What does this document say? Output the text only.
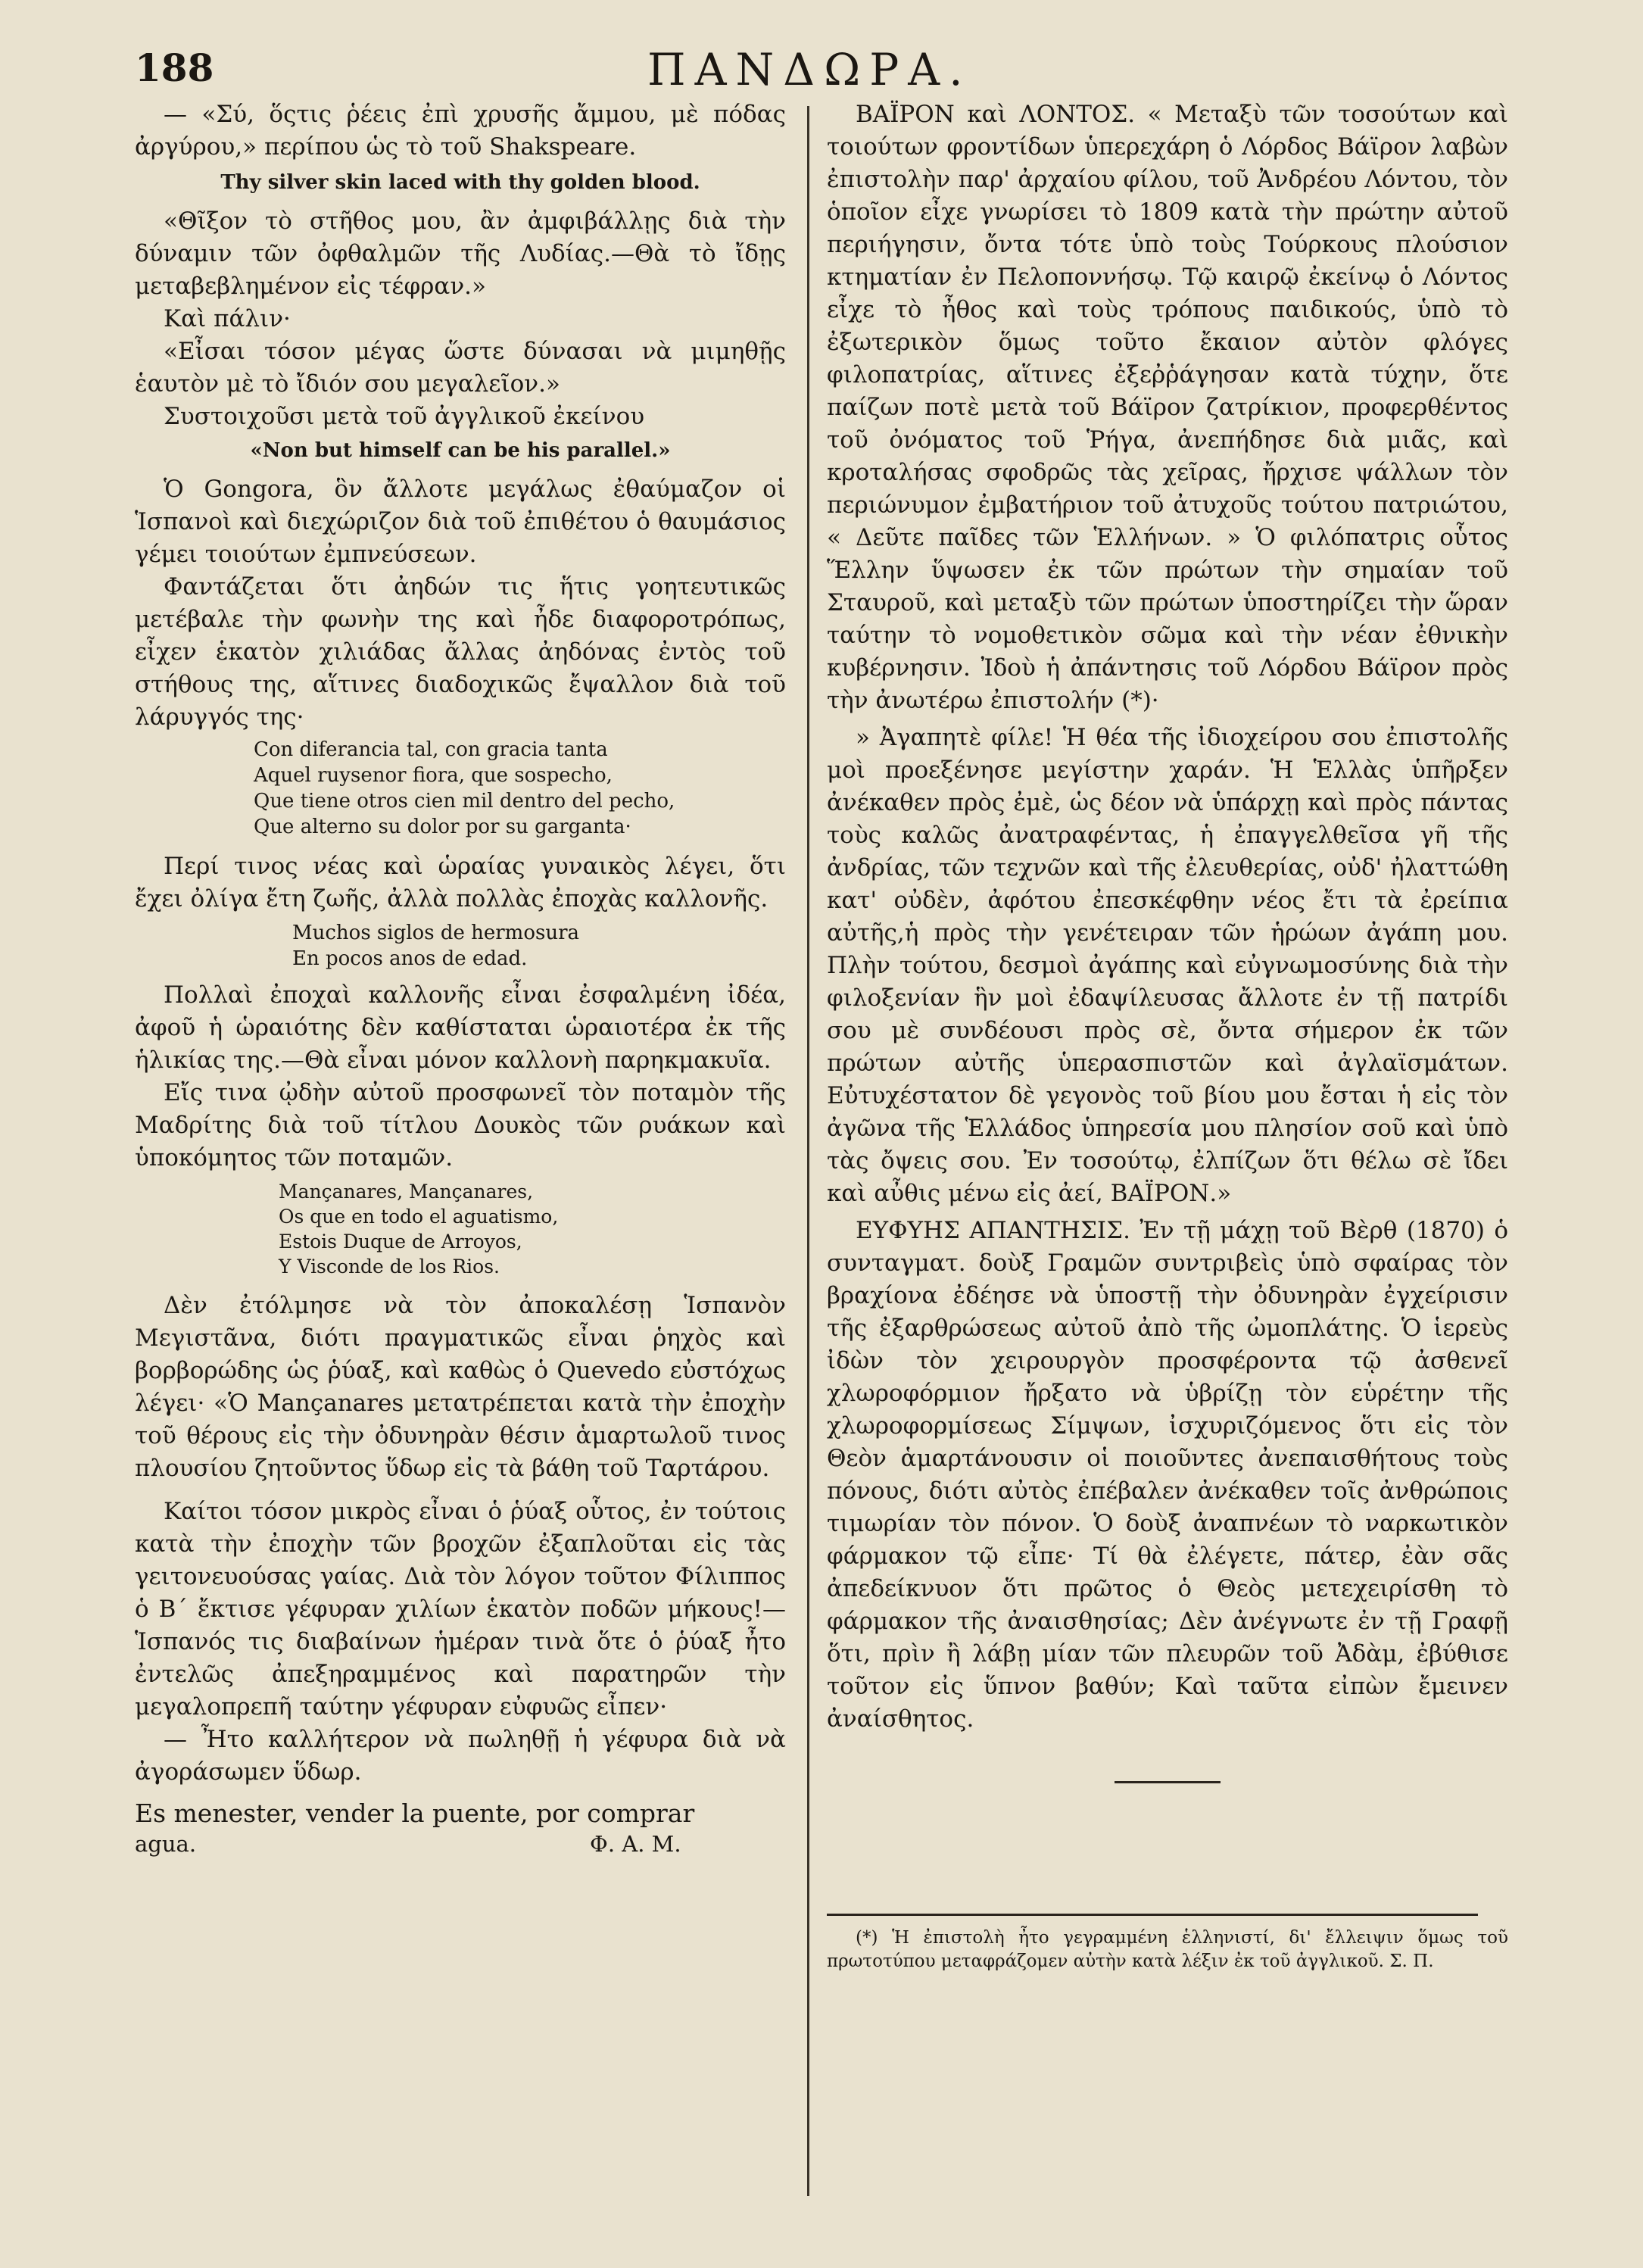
188	ΠΑΝΔΩΡΑ.

— «Σύ, ὅςτις ῥέεις ἐπὶ χρυσῆς ἄμμου, μὲ πόδας ἀργύρου,» περίπου ὡς τὸ τοῦ Shakspeare.

Thy silver skin laced with thy golden blood.

«Θῖξον τὸ στῆθος μου, ἂν ἀμφιβάλλῃς διὰ τὴν δύναμιν τῶν ὀφθαλμῶν τῆς Λυδίας.—Θὰ τὸ ἴδῃς μεταβεβλημένον εἰς τέφραν.»

Καὶ πάλιν·

«Εἶσαι τόσον μέγας ὥστε δύνασαι νὰ μιμηθῇς ἑαυτὸν μὲ τὸ ἴδιόν σου μεγαλεῖον.»

Συστοιχοῦσι μετὰ τοῦ ἀγγλικοῦ ἐκείνου

«Non but himself can be his parallel.»

Ὁ Gongora, ὃν ἄλλοτε μεγάλως ἐθαύμαζον οἱ Ἱσπανοὶ καὶ διεχώριζον διὰ τοῦ ἐπιθέτου ὁ θαυμάσιος γέμει τοιούτων ἐμπνεύσεων.

Φαντάζεται ὅτι ἀηδών τις ἥτις γοητευτικῶς μετέβαλε τὴν φωνὴν της καὶ ἦδε διαφοροτρόπως, εἶχεν ἑκατὸν χιλιάδας ἄλλας ἀηδόνας ἐντὸς τοῦ στήθους της, αἵτινες διαδοχικῶς ἔψαλλον διὰ τοῦ λάρυγγός της·

Con diferancia tal, con gracia tanta
Aquel ruysenor fiora, que sospecho,
Que tiene otros cien mil dentro del pecho,
Que alterno su dolor por su garganta·

Περί τινος νέας καὶ ὡραίας γυναικὸς λέγει, ὅτι ἔχει ὀλίγα ἔτη ζωῆς, ἀλλὰ πολλὰς ἐποχὰς καλλονῆς.

Muchos siglos de hermosura
En pocos anos de edad.

Πολλαὶ ἐποχαὶ καλλονῆς εἶναι ἐσφαλμένη ἰδέα, ἀφοῦ ἡ ὡραιότης δὲν καθίσταται ὡραιοτέρα ἐκ τῆς ἡλικίας της.—Θὰ εἶναι μόνον καλλονὴ παρηκμακυῖα.

Εἴς τινα ᾠδὴν αὐτοῦ προσφωνεῖ τὸν ποταμὸν τῆς Μαδρίτης διὰ τοῦ τίτλου Δουκὸς τῶν ρυάκων καὶ ὑποκόμητος τῶν ποταμῶν.

Mançanares, Mançanares,
Os que en todo el aguatismo,
Estois Duque de Arroyos,
Y Visconde de los Rios.

Δὲν ἐτόλμησε νὰ τὸν ἀποκαλέσῃ Ἱσπανὸν Μεγιστᾶνα, διότι πραγματικῶς εἶναι ῥηχὸς καὶ βορβορώδης ὡς ῥύαξ, καὶ καθὼς ὁ Quevedo εὐστόχως λέγει· «Ὁ Mançanares μετατρέπεται κατὰ τὴν ἐποχὴν τοῦ θέρους εἰς τὴν ὀδυνηρὰν θέσιν ἁμαρτωλοῦ τινος πλουσίου ζητοῦντος ὕδωρ εἰς τὰ βάθη τοῦ Ταρτάρου.

Καίτοι τόσον μικρὸς εἶναι ὁ ῥύαξ οὗτος, ἐν τούτοις κατὰ τὴν ἐποχὴν τῶν βροχῶν ἐξαπλοῦται εἰς τὰς γειτονευούσας γαίας. Διὰ τὸν λόγον τοῦτον Φίλιππος ὁ Β΄ ἔκτισε γέφυραν χιλίων ἑκατὸν ποδῶν μήκους!— Ἱσπανός τις διαβαίνων ἡμέραν τινὰ ὅτε ὁ ῥύαξ ἦτο ἐντελῶς ἀπεξηραμμένος καὶ παρατηρῶν τὴν μεγαλοπρεπῆ ταύτην γέφυραν εὐφυῶς εἶπεν·

— Ἦτο καλλήτερον νὰ πωληθῇ ἡ γέφυρα διὰ νὰ ἀγοράσωμεν ὕδωρ.

Es menester, vender la puente, por comprar

agua.	Φ. Α. Μ.

ΒΑΪΡΟΝ καὶ ΛΟΝΤΟΣ. « Μεταξὺ τῶν τοσούτων καὶ τοιούτων φροντίδων ὑπερεχάρη ὁ Λόρδος Βάϊρον λαβὼν ἐπιστολὴν παρ' ἀρχαίου φίλου, τοῦ Ἀνδρέου Λόντου, τὸν ὁποῖον εἶχε γνωρίσει τὸ 1809 κατὰ τὴν πρώτην αὐτοῦ περιήγησιν, ὄντα τότε ὑπὸ τοὺς Τούρκους πλούσιον κτηματίαν ἐν Πελοποννήσῳ. Τῷ καιρῷ ἐκείνῳ ὁ Λόντος εἶχε τὸ ἦθος καὶ τοὺς τρόπους παιδικούς, ὑπὸ τὸ ἐξωτερικὸν ὅμως τοῦτο ἔκαιον αὐτὸν φλόγες φιλοπατρίας, αἵτινες ἐξεῤῥάγησαν κατὰ τύχην, ὅτε παίζων ποτὲ μετὰ τοῦ Βάϊρον ζατρίκιον, προφερθέντος τοῦ ὀνόματος τοῦ Ῥήγα, ἀνεπήδησε διὰ μιᾶς, καὶ κροταλήσας σφοδρῶς τὰς χεῖρας, ἤρχισε ψάλλων τὸν περιώνυμον ἐμβατήριον τοῦ ἀτυχοῦς τούτου πατριώτου, « Δεῦτε παῖδες τῶν Ἑλλήνων. » Ὁ φιλόπατρις οὗτος Ἕλλην ὕψωσεν ἐκ τῶν πρώτων τὴν σημαίαν τοῦ Σταυροῦ, καὶ μεταξὺ τῶν πρώτων ὑποστηρίζει τὴν ὥραν ταύτην τὸ νομοθετικὸν σῶμα καὶ τὴν νέαν ἐθνικὴν κυβέρνησιν. Ἰδοὺ ἡ ἀπάντησις τοῦ Λόρδου Βάϊρον πρὸς τὴν ἀνωτέρω ἐπιστολήν (*)·

» Ἀγαπητὲ φίλε! Ἡ θέα τῆς ἰδιοχείρου σου ἐπιστολῆς μοὶ προεξένησε μεγίστην χαράν. Ἡ Ἑλλὰς ὑπῆρξεν ἀνέκαθεν πρὸς ἐμὲ, ὡς δέον νὰ ὑπάρχῃ καὶ πρὸς πάντας τοὺς καλῶς ἀνατραφέντας, ἡ ἐπαγγελθεῖσα γῆ τῆς ἀνδρίας, τῶν τεχνῶν καὶ τῆς ἐλευθερίας, οὐδ' ἠλαττώθη κατ' οὐδὲν, ἀφότου ἐπεσκέφθην νέος ἔτι τὰ ἐρείπια αὐτῆς,ἡ πρὸς τὴν γενέτειραν τῶν ἡρώων ἀγάπη μου. Πλὴν τούτου, δεσμοὶ ἀγάπης καὶ εὐγνωμοσύνης διὰ τὴν φιλοξενίαν ἣν μοὶ ἐδαψίλευσας ἄλλοτε ἐν τῇ πατρίδι σου μὲ συνδέουσι πρὸς σὲ, ὄντα σήμερον ἐκ τῶν πρώτων αὐτῆς ὑπερασπιστῶν καὶ ἀγλαϊσμάτων. Εὐτυχέστατον δὲ γεγονὸς τοῦ βίου μου ἔσται ἡ εἰς τὸν ἀγῶνα τῆς Ἑλλάδος ὑπηρεσία μου πλησίον σοῦ καὶ ὑπὸ τὰς ὄψεις σου. Ἐν τοσούτῳ, ἐλπίζων ὅτι θέλω σὲ ἴδει καὶ αὖθις μένω εἰς ἀεί, ΒΑΪΡΟΝ.»

ΕΥΦΥΗΣ ΑΠΑΝΤΗΣΙΣ. Ἐν τῇ μάχῃ τοῦ Βὲρθ (1870) ὁ συνταγματ. δοὺξ Γραμῶν συντριβεὶς ὑπὸ σφαίρας τὸν βραχίονα ἐδέησε νὰ ὑποστῇ τὴν ὀδυνηρὰν ἐγχείρισιν τῆς ἐξαρθρώσεως αὐτοῦ ἀπὸ τῆς ὠμοπλάτης. Ὁ ἱερεὺς ἰδὼν τὸν χειρουργὸν προσφέροντα τῷ ἀσθενεῖ χλωροφόρμιον ἤρξατο νὰ ὑβρίζῃ τὸν εὑρέτην τῆς χλωροφορμίσεως Σίμψων, ἰσχυριζόμενος ὅτι εἰς τὸν Θεὸν ἁμαρτάνουσιν οἱ ποιοῦντες ἀνεπαισθήτους τοὺς πόνους, διότι αὐτὸς ἐπέβαλεν ἀνέκαθεν τοῖς ἀνθρώποις τιμωρίαν τὸν πόνον. Ὁ δοὺξ ἀναπνέων τὸ ναρκωτικὸν φάρμακον τῷ εἶπε· Τί θὰ ἐλέγετε, πάτερ, ἐὰν σᾶς ἀπεδείκνυον ὅτι πρῶτος ὁ Θεὸς μετεχειρίσθη τὸ φάρμακον τῆς ἀναισθησίας; Δὲν ἀνέγνωτε ἐν τῇ Γραφῇ ὅτι, πρὶν ἢ λάβῃ μίαν τῶν πλευρῶν τοῦ Ἀδὰμ, ἐβύθισε τοῦτον εἰς ὕπνον βαθύν; Καὶ ταῦτα εἰπὼν ἔμεινεν ἀναίσθητος.

(*) Ἡ ἐπιστολὴ ἦτο γεγραμμένη ἑλληνιστί, δι' ἔλλειψιν ὅμως τοῦ πρωτοτύπου μεταφράζομεν αὐτὴν κατὰ λέξιν ἐκ τοῦ ἀγγλικοῦ. Σ. Π.
